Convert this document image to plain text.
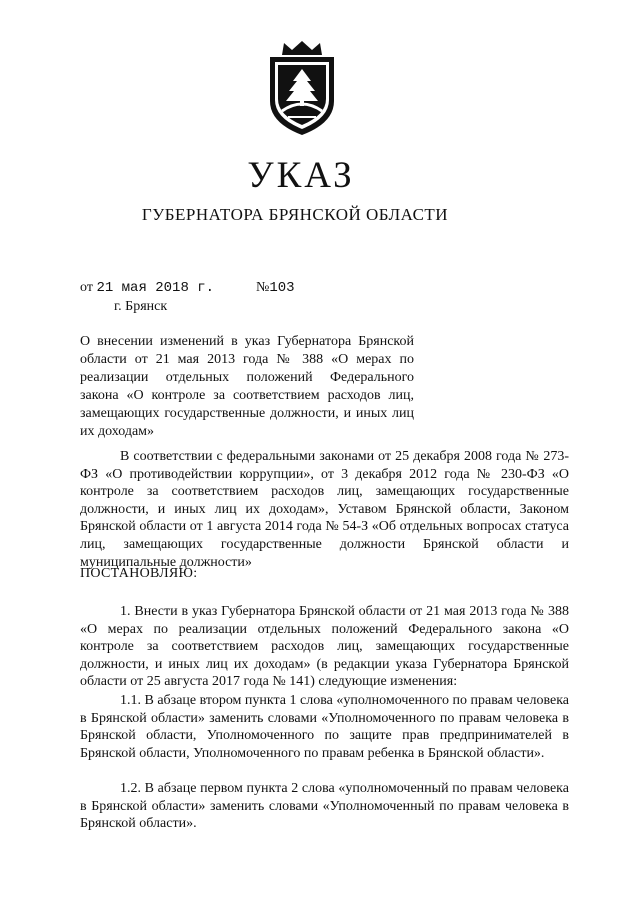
УКАЗ
ГУБЕРНАТОРА БРЯНСКОЙ ОБЛАСТИ
от 21 мая 2018 г.	№103
г. Брянск
О внесении изменений в указ Губернатора Брянской области от 21 мая 2013 года № 388 «О мерах по реализации отдельных положений Федерального закона «О контроле за соответствием расходов лиц, замещающих государственные должности, и иных лиц их доходам»
В соответствии с федеральными законами от 25 декабря 2008 года № 273-ФЗ «О противодействии коррупции», от 3 декабря 2012 года № 230-ФЗ «О контроле за соответствием расходов лиц, замещающих государственные должности, и иных лиц их доходам», Уставом Брянской области, Законом Брянской области от 1 августа 2014 года № 54-З «Об отдельных вопросах статуса лиц, замещающих государственные должности Брянской области и муниципальные должности»
ПОСТАНОВЛЯЮ:
1. Внести в указ Губернатора Брянской области от 21 мая 2013 года № 388 «О мерах по реализации отдельных положений Федерального закона «О контроле за соответствием расходов лиц, замещающих государственные должности, и иных лиц их доходам» (в редакции указа Губернатора Брянской области от 25 августа 2017 года № 141) следующие изменения:
1.1. В абзаце втором пункта 1 слова «уполномоченного по правам человека в Брянской области» заменить словами «Уполномоченного по правам человека в Брянской области, Уполномоченного по защите прав предпринимателей в Брянской области, Уполномоченного по правам ребенка в Брянской области».
1.2. В абзаце первом пункта 2 слова «уполномоченный по правам человека в Брянской области» заменить словами «Уполномоченный по правам человека в Брянской области».
